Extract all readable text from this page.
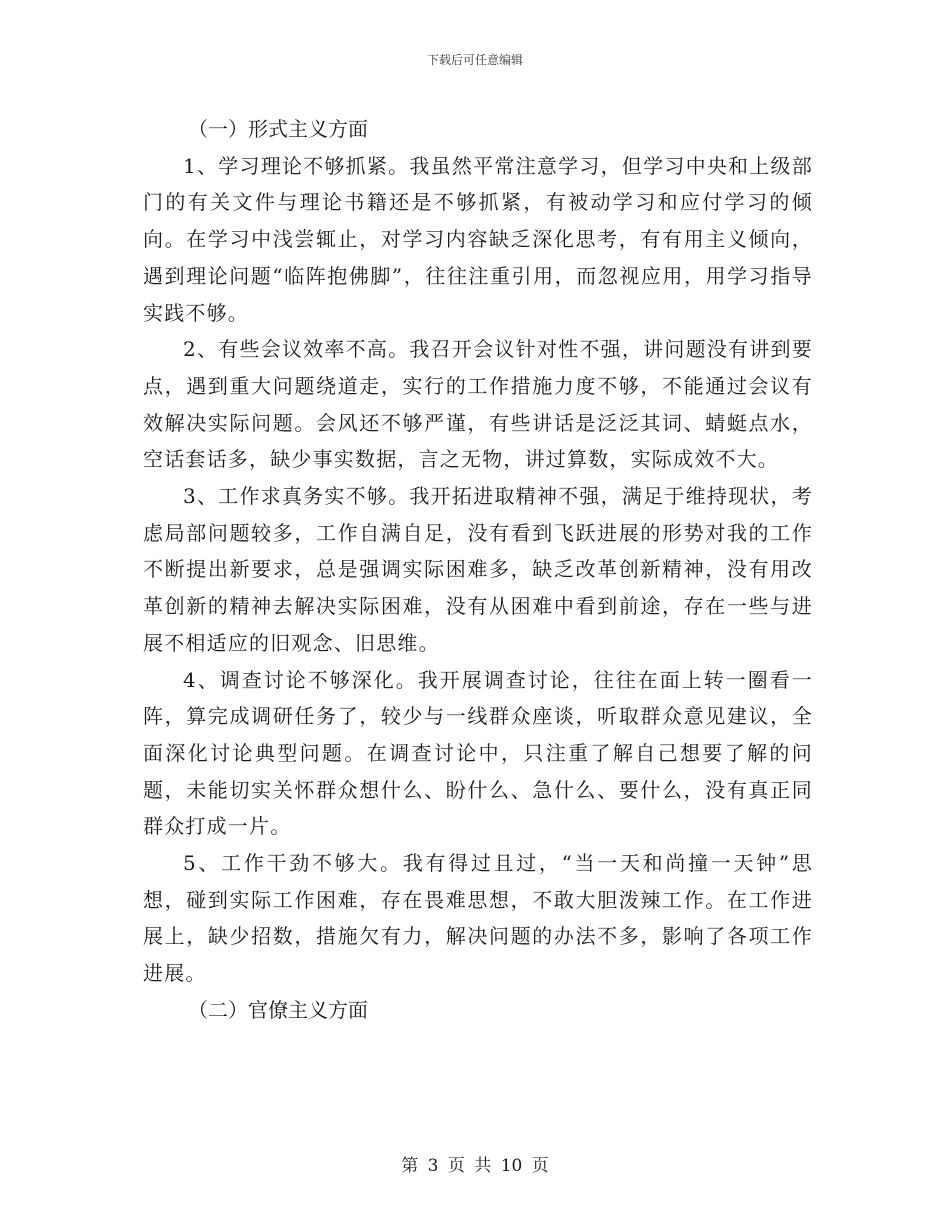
下载后可任意编辑

（一）形式主义方面

1、学习理论不够抓紧。我虽然平常注意学习，但学习中央和上级部门的有关文件与理论书籍还是不够抓紧，有被动学习和应付学习的倾向。在学习中浅尝辄止，对学习内容缺乏深化思考，有有用主义倾向，遇到理论问题“临阵抱佛脚”，往往注重引用，而忽视应用，用学习指导实践不够。

2、有些会议效率不高。我召开会议针对性不强，讲问题没有讲到要点，遇到重大问题绕道走，实行的工作措施力度不够，不能通过会议有效解决实际问题。会风还不够严谨，有些讲话是泛泛其词、蜻蜓点水，空话套话多，缺少事实数据，言之无物，讲过算数，实际成效不大。

3、工作求真务实不够。我开拓进取精神不强，满足于维持现状，考虑局部问题较多，工作自满自足，没有看到飞跃进展的形势对我的工作不断提出新要求，总是强调实际困难多，缺乏改革创新精神，没有用改革创新的精神去解决实际困难，没有从困难中看到前途，存在一些与进展不相适应的旧观念、旧思维。

4、调查讨论不够深化。我开展调查讨论，往往在面上转一圈看一阵，算完成调研任务了，较少与一线群众座谈，听取群众意见建议，全面深化讨论典型问题。在调查讨论中，只注重了解自己想要了解的问题，未能切实关怀群众想什么、盼什么、急什么、要什么，没有真正同群众打成一片。

5、工作干劲不够大。我有得过且过，“当一天和尚撞一天钟”思想，碰到实际工作困难，存在畏难思想，不敢大胆泼辣工作。在工作进展上，缺少招数，措施欠有力，解决问题的办法不多，影响了各项工作进展。

（二）官僚主义方面

第 3 页 共 10 页
